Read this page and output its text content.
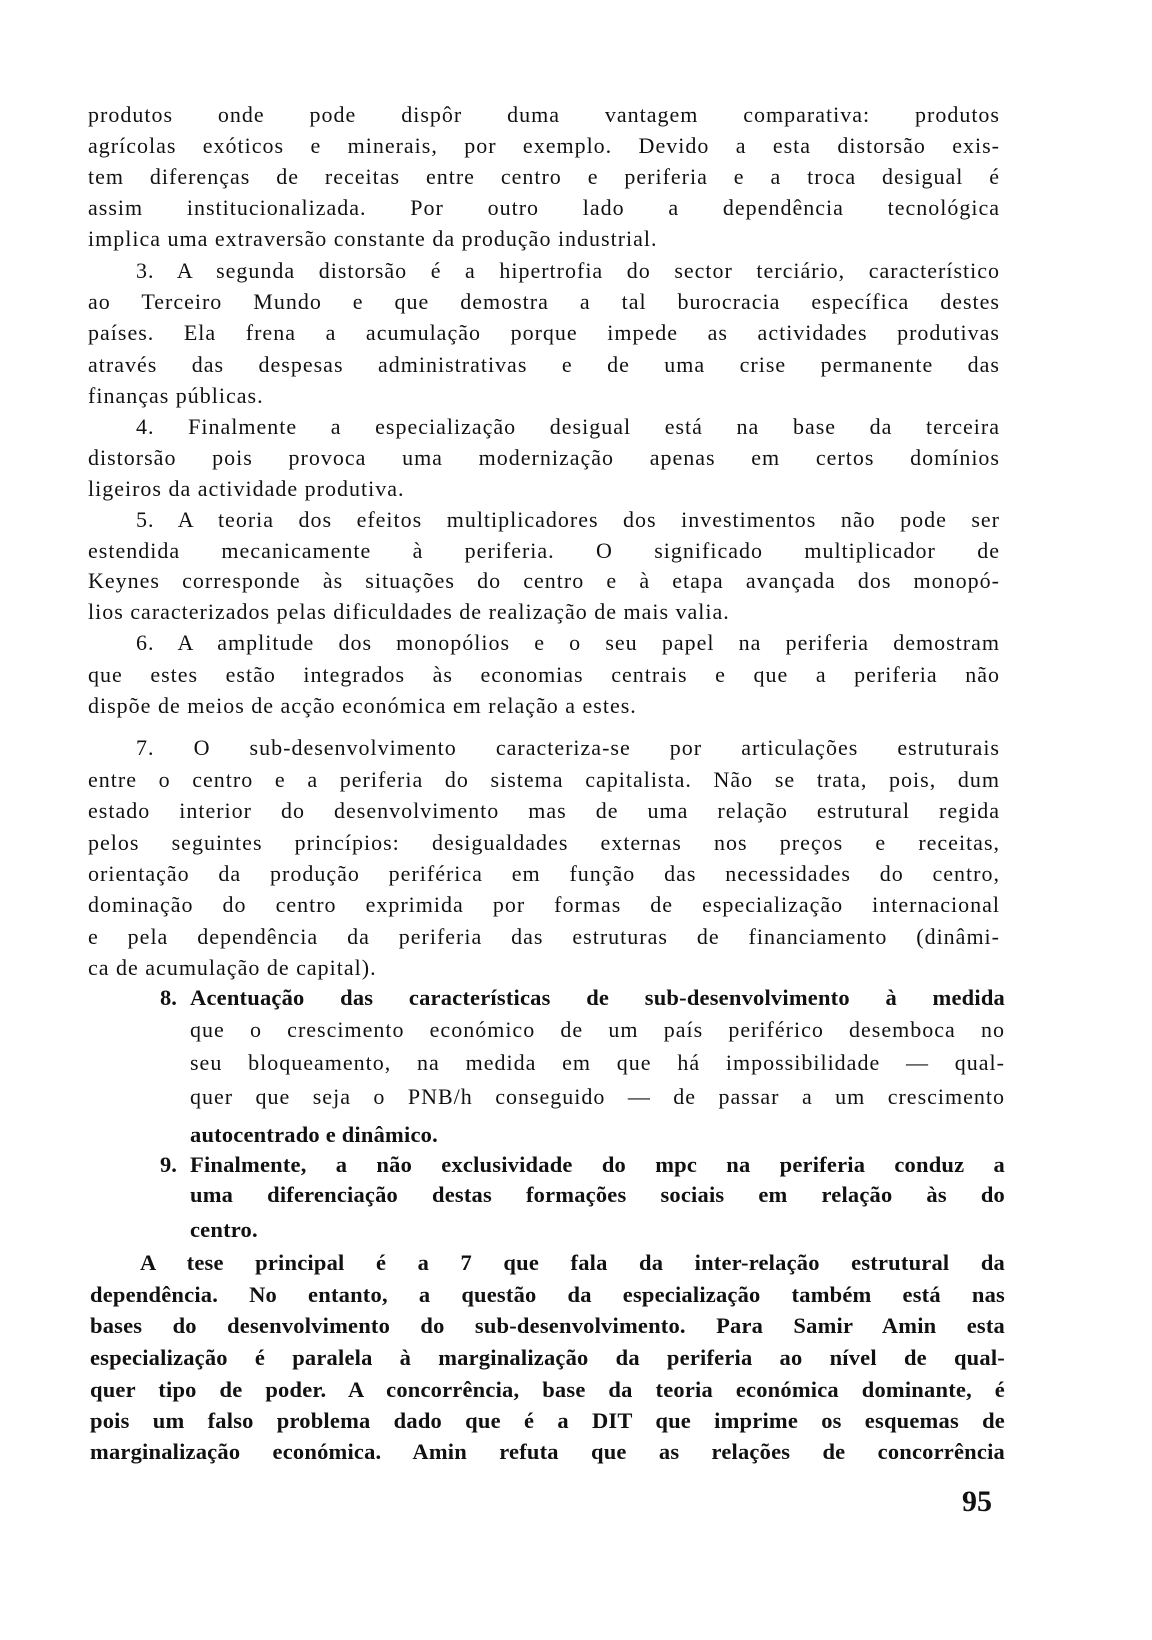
produtos onde pode dispôr duma vantagem comparativa: produtos
agrícolas exóticos e minerais, por exemplo. Devido a esta distorsão exis-
tem diferenças de receitas entre centro e periferia e a troca desigual é
assim institucionalizada. Por outro lado a dependência tecnológica
implica uma extraversão constante da produção industrial.
3. A segunda distorsão é a hipertrofia do sector terciário, característico
ao Terceiro Mundo e que demostra a tal burocracia específica destes
países. Ela frena a acumulação porque impede as actividades produtivas
através das despesas administrativas e de uma crise permanente das
finanças públicas.
4. Finalmente a especialização desigual está na base da terceira
distorsão pois provoca uma modernização apenas em certos domínios
ligeiros da actividade produtiva.
5. A teoria dos efeitos multiplicadores dos investimentos não pode ser
estendida mecanicamente à periferia. O significado multiplicador de
Keynes corresponde às situações do centro e à etapa avançada dos monopó-
lios caracterizados pelas dificuldades de realização de mais valia.
6. A amplitude dos monopólios e o seu papel na periferia demostram
que estes estão integrados às economias centrais e que a periferia não
dispõe de meios de acção económica em relação a estes.
7. O sub-desenvolvimento caracteriza-se por articulações estruturais
entre o centro e a periferia do sistema capitalista. Não se trata, pois, dum
estado interior do desenvolvimento mas de uma relação estrutural regida
pelos seguintes princípios: desigualdades externas nos preços e receitas,
orientação da produção periférica em função das necessidades do centro,
dominação do centro exprimida por formas de especialização internacional
e pela dependência da periferia das estruturas de financiamento (dinâmi-
ca de acumulação de capital).
8. Acentuação das características de sub-desenvolvimento à medida
que o crescimento económico de um país periférico desemboca no
seu bloqueamento, na medida em que há impossibilidade — qual-
quer que seja o PNB/h conseguido — de passar a um crescimento
autocentrado e dinâmico.
9. Finalmente, a não exclusividade do mpc na periferia conduz a
uma diferenciação destas formações sociais em relação às do
centro.
A tese principal é a 7 que fala da inter-relação estrutural da
dependência. No entanto, a questão da especialização também está nas
bases do desenvolvimento do sub-desenvolvimento. Para Samir Amin esta
especialização é paralela à marginalização da periferia ao nível de qual-
quer tipo de poder. A concorrência, base da teoria económica dominante, é
pois um falso problema dado que é a DIT que imprime os esquemas de
marginalização económica. Amin refuta que as relações de concorrência
95
